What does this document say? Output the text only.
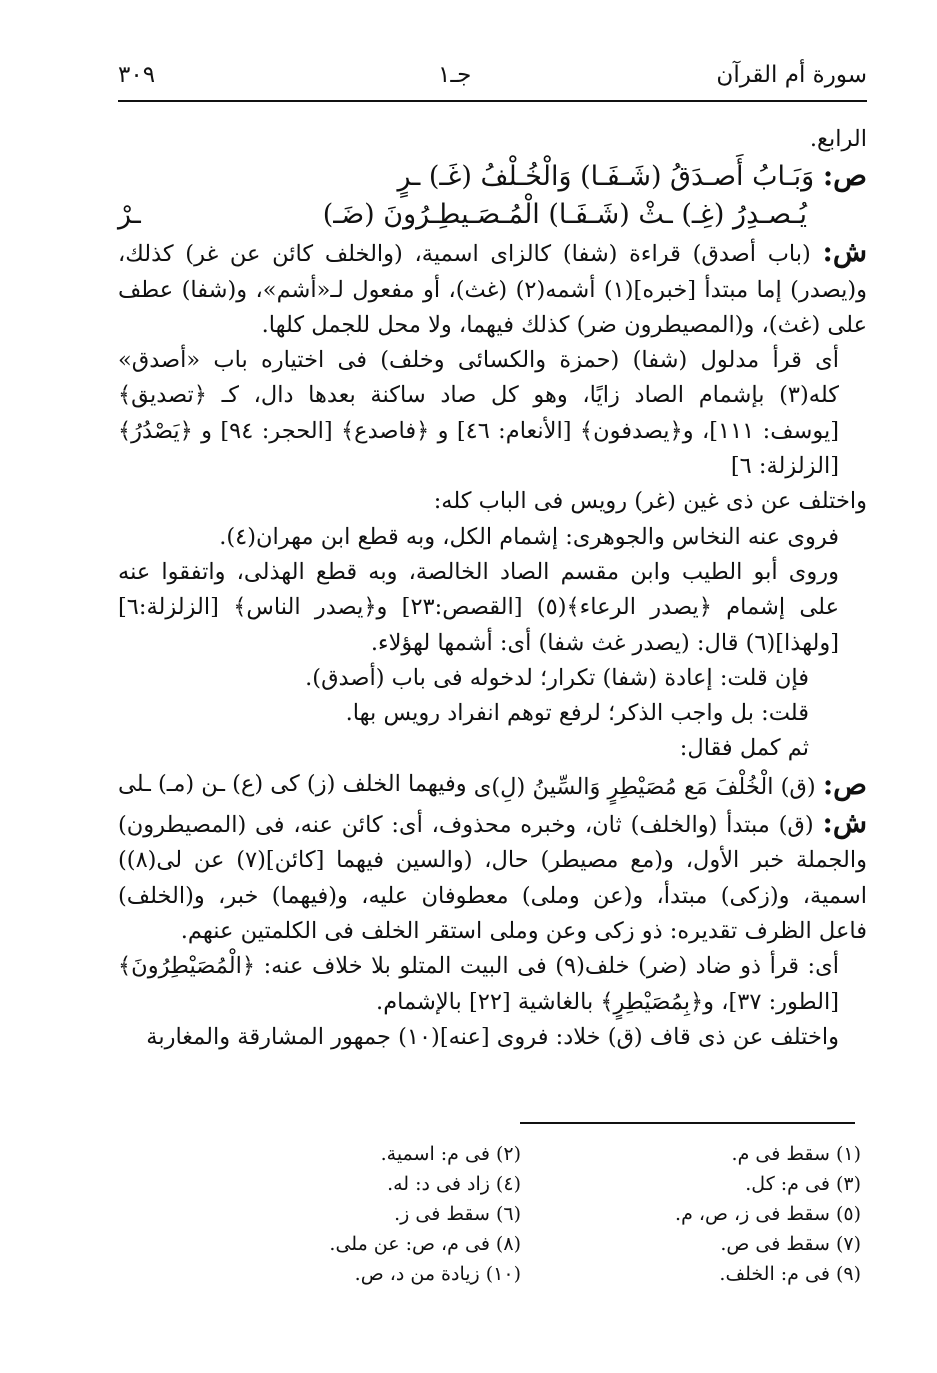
سورة أم القرآن
جـ١
٣٠٩

الرابع.

ص: وَبَـابُ أَصـدَقُ (شَـفَـا) وَالْخُـلْفُ (غَـ) ـرٍ

يُـصـدِرُ (غِـ) ـثْ (شَـفَـا) الْمُـصَـيطِـرُونَ (ضَـ)
ـرْ

ش: (باب أصدق) قراءة (شفا) كالزاى اسمية، (والخلف كائن عن غر) كذلك، و(يصدر) إما مبتدأ [خبره](١) أشمه(٢) (غث)، أو مفعول لـ«أشم»، و(شفا) عطف على (غث)، و(المصيطرون ضر) كذلك فيهما، ولا محل للجمل كلها.

أى قرأ مدلول (شفا) (حمزة والكسائى وخلف) فى اختياره باب «أصدق» كله(٣) بإشمام الصاد زايًا، وهو كل صاد ساكنة بعدها دال، كـ ﴿تصديق﴾ [يوسف: ١١١]، و﴿يصدفون﴾ [الأنعام: ٤٦] و ﴿فاصدع﴾ [الحجر: ٩٤] و ﴿يَصْدُرُ﴾ [الزلزلة: ٦]

واختلف عن ذى غين (غر) رويس فى الباب كله:

فروى عنه النخاس والجوهرى: إشمام الكل، وبه قطع ابن مهران(٤).

وروى أبو الطيب وابن مقسم الصاد الخالصة، وبه قطع الهذلى، واتفقوا عنه على إشمام ﴿يصدر الرعاء﴾(٥) [القصص:٢٣] و﴿يصدر الناس﴾ [الزلزلة:٦] [ولهذا](٦) قال: (يصدر غث شفا) أى: أشمها لهؤلاء.

فإن قلت: إعادة (شفا) تكرار؛ لدخوله فى باب (أصدق).

قلت: بل واجب الذكر؛ لرفع توهم انفراد رويس بها.

ثم كمل فقال:

ص: (ق) الْخُلْفَ مَع مُصَيْطِرٍ وَالسِّينُ (لِ)ى
وفيهما الخلف (ز) كى (ع) ـن (مـ) ـلى

ش: (ق) مبتدأ (والخلف) ثان، وخبره محذوف، أى: كائن عنه، فى (المصيطرون) والجملة خبر الأول، و(مع مصيطر) حال، (والسين فيهما [كائن](٧) عن لى(٨)) اسمية، و(زكى) مبتدأ، و(عن وملى) معطوفان عليه، و(فيهما) خبر، و(الخلف) فاعل الظرف تقديره: ذو زكى وعن وملى استقر الخلف فى الكلمتين عنهم.

أى: قرأ ذو ضاد (ضر) خلف(٩) فى البيت المتلو بلا خلاف عنه: ﴿الْمُصَيْطِرُونَ﴾ [الطور: ٣٧]، و﴿بِمُصَيْطِرٍ﴾ بالغاشية [٢٢] بالإشمام.

واختلف عن ذى قاف (ق) خلاد: فروى [عنه](١٠) جمهور المشارقة والمغاربة

(١) سقط فى م.
(٢) فى م: اسمية.
(٣) فى م: كل.
(٤) زاد فى د: له.
(٥) سقط فى ز، ص، م.
(٦) سقط فى ز.
(٧) سقط فى ص.
(٨) فى م، ص: عن ملى.
(٩) فى م: الخلف.
(١٠) زيادة من د، ص.
